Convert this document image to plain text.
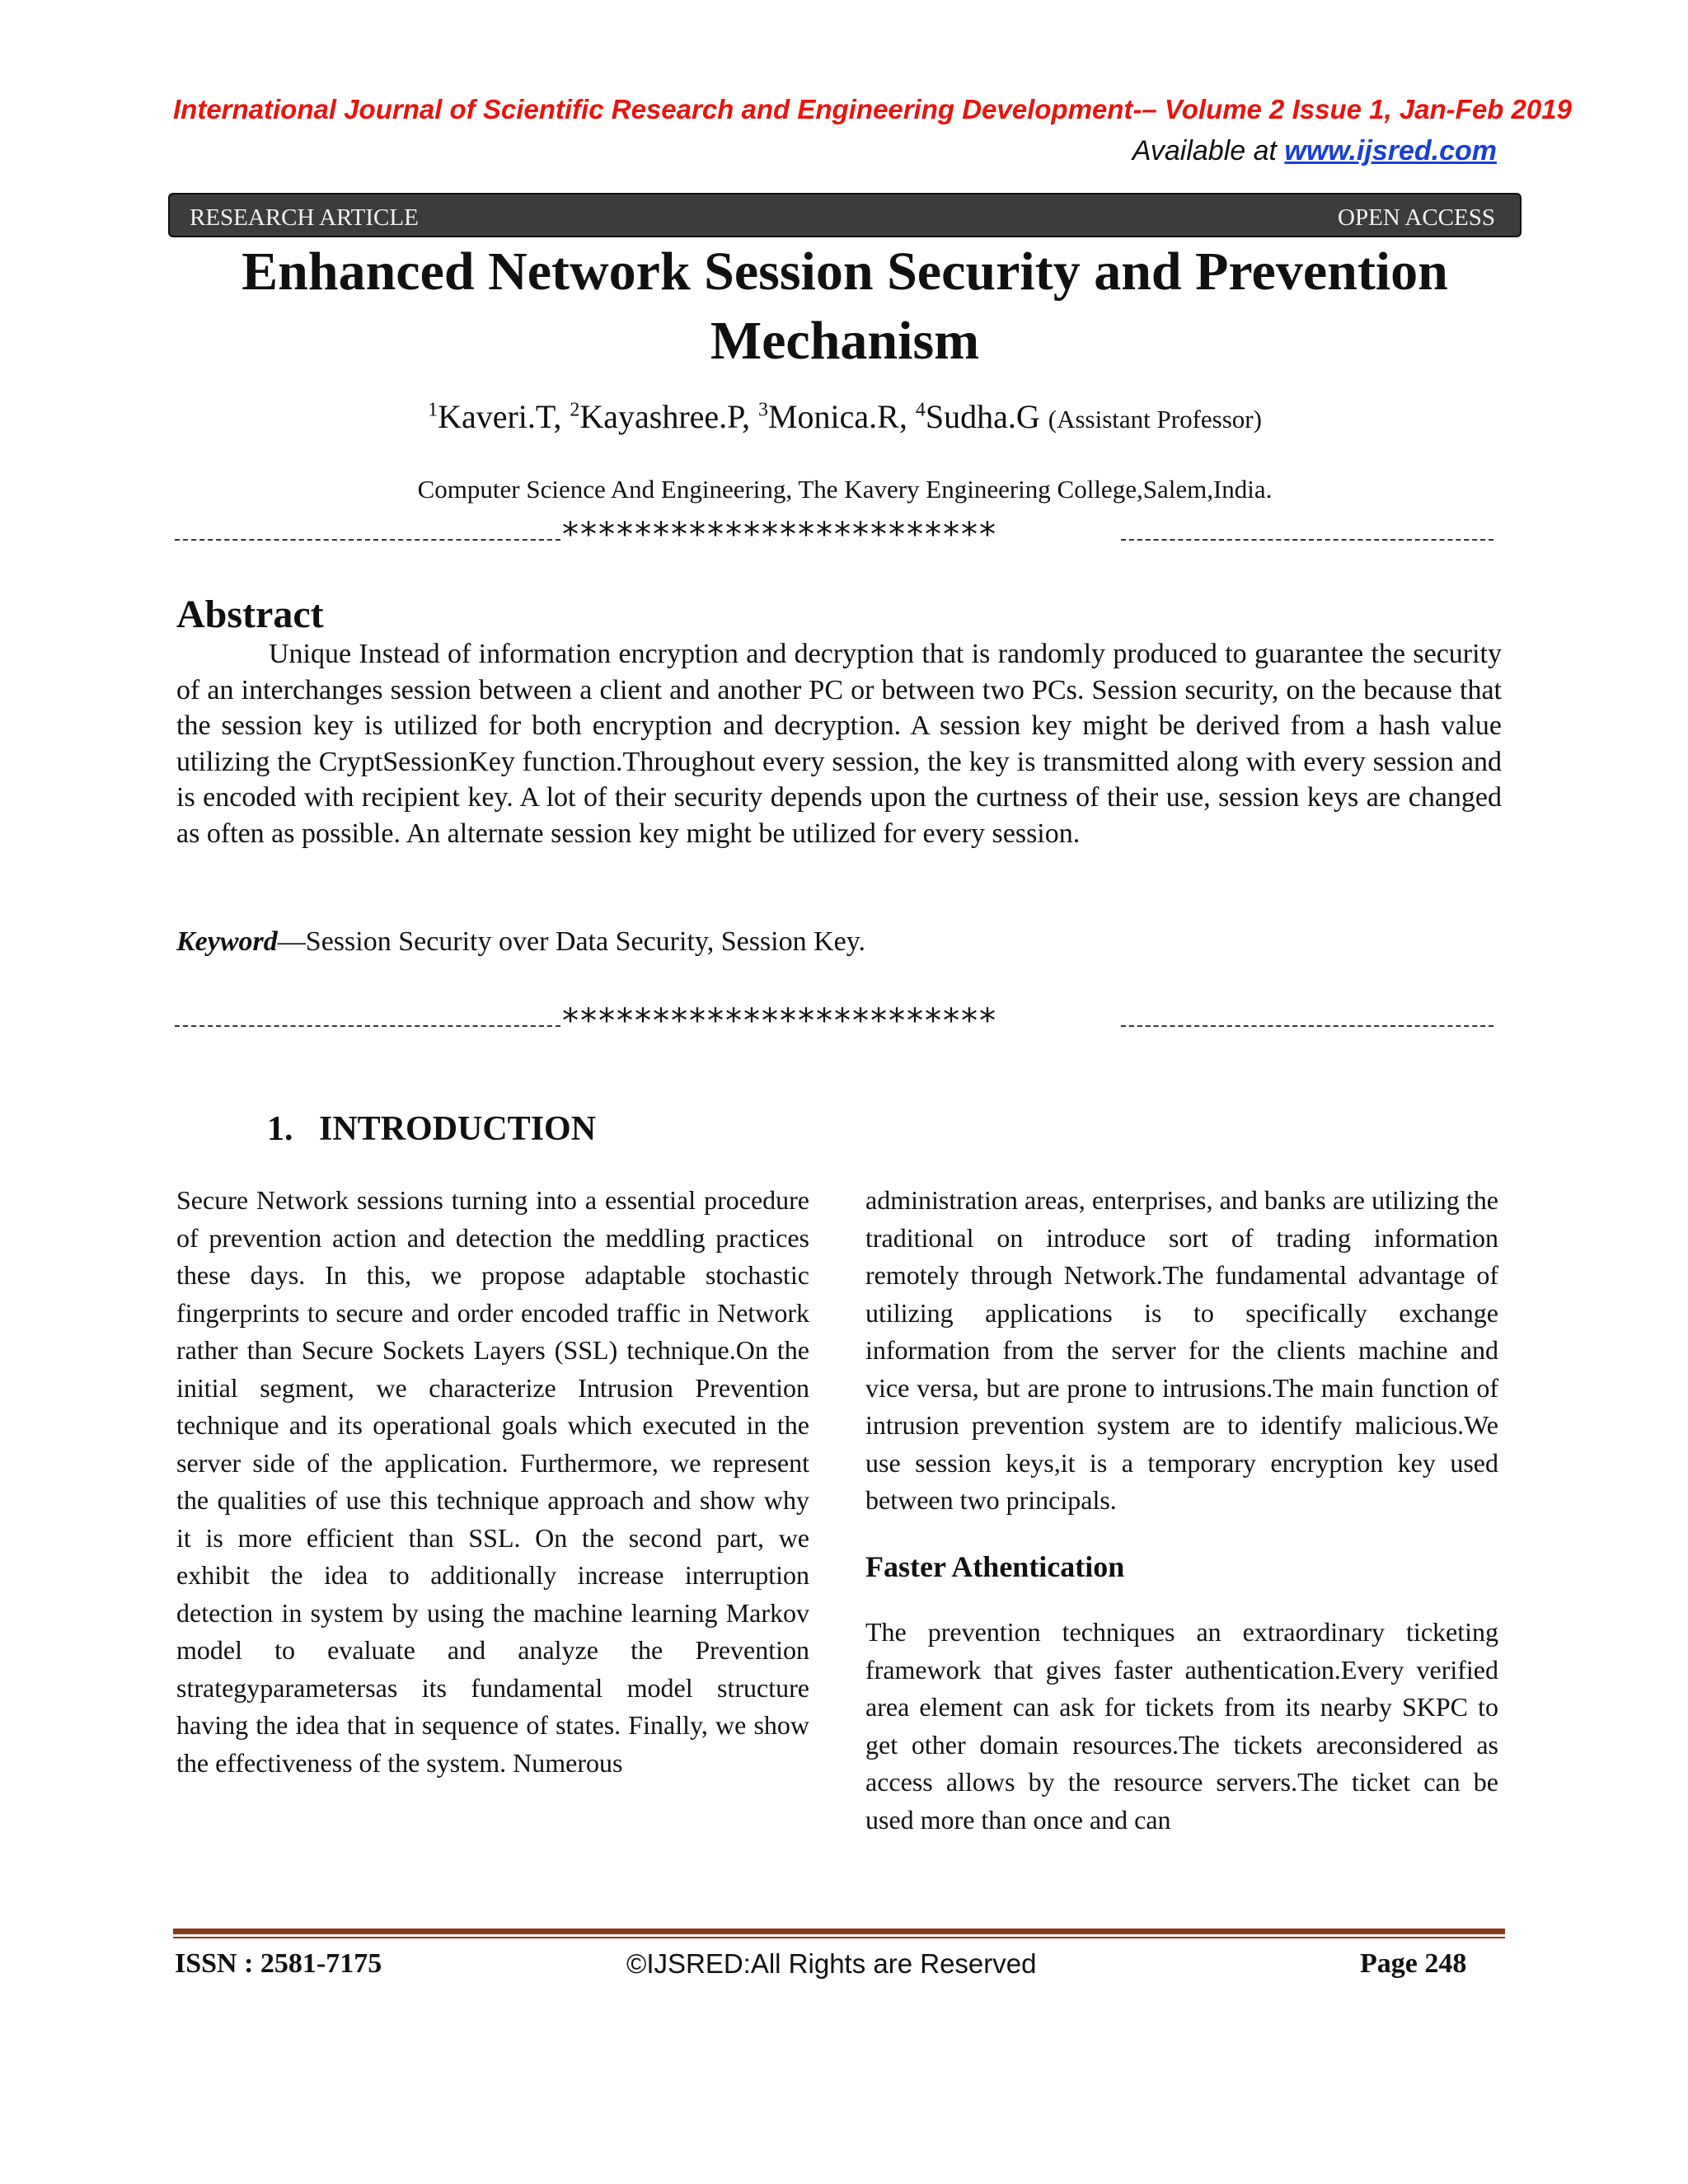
International Journal of Scientific Research and Engineering Development-– Volume 2 Issue 1, Jan-Feb 2019
Available at www.ijsred.com
RESEARCH ARTICLE	OPEN ACCESS
Enhanced Network Session Security and Prevention Mechanism
$^1$Kaveri.T, $^2$Kayashree.P, $^3$Monica.R, $^4$Sudha.G (Assistant Professor)
Computer Science And Engineering, The Kavery Engineering College,Salem,India.
************************
Abstract

Unique Instead of information encryption and decryption that is randomly produced to guarantee the security of an interchanges session between a client and another PC or between two PCs. Session security, on the because that the session key is utilized for both encryption and decryption. A session key might be derived from a hash value utilizing the CryptSessionKey function.Throughout every session, the key is transmitted along with every session and is encoded with recipient key. A lot of their security depends upon the curtness of their use, session keys are changed as often as possible. An alternate session key might be utilized for every session.

Keyword—Session Security over Data Security, Session Key.
************************
1.   INTRODUCTION

Secure Network sessions turning into a essential procedure of prevention action and detection the meddling practices these days. In this, we propose adaptable stochastic fingerprints to secure and order encoded traffic in Network rather than Secure Sockets Layers (SSL) technique.On the initial segment, we characterize Intrusion Prevention technique and its operational goals which executed in the server side of the application. Furthermore, we represent the qualities of use this technique approach and show why it is more efficient than SSL. On the second part, we exhibit the idea to additionally increase interruption detection in system by using the machine learning Markov model to evaluate and analyze the Prevention strategyparametersas its fundamental model structure having the idea that in sequence of states. Finally, we show the effectiveness of the system. Numerous

administration areas, enterprises, and banks are utilizing the traditional on introduce sort of trading information remotely through Network.The fundamental advantage of utilizing applications is to specifically exchange information from the server for the clients machine and vice versa, but are prone to intrusions.The main function of intrusion prevention system are to identify malicious.We use session keys,it is a temporary encryption key used between two principals.

Faster Athentication

The prevention techniques an extraordinary ticketing framework that gives faster authentication.Every verified area element can ask for tickets from its nearby SKPC to get other domain resources.The tickets areconsidered as access allows by the resource servers.The ticket can be used more than once and can

ISSN : 2581-7175	©IJSRED:All Rights are Reserved	Page 248
